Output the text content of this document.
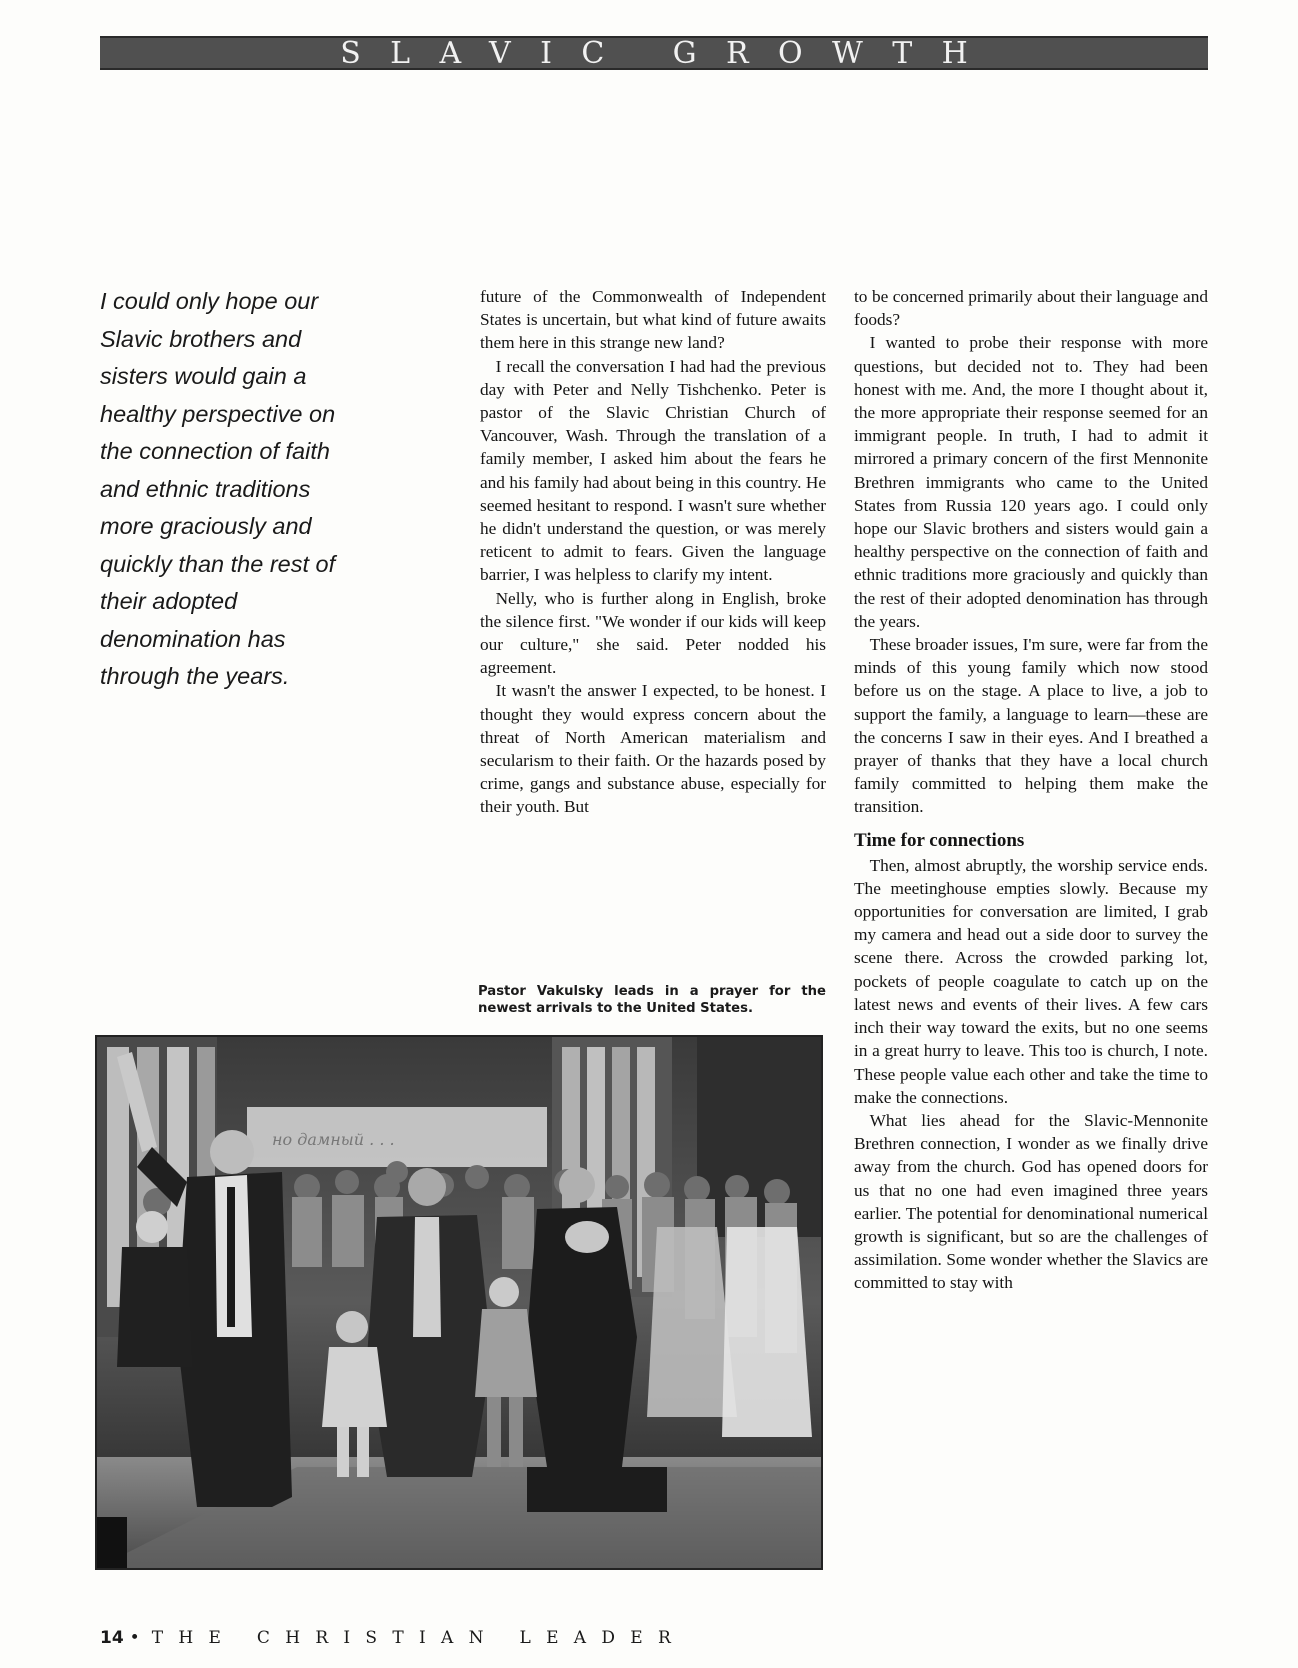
SLAVIC GROWTH

I could only hope our Slavic brothers and sisters would gain a healthy perspective on the connection of faith and ethnic traditions more graciously and quickly than the rest of their adopted denomination has through the years.

future of the Commonwealth of Independent States is uncertain, but what kind of future awaits them here in this strange new land?

I recall the conversation I had had the previous day with Peter and Nelly Tishchenko. Peter is pastor of the Slavic Christian Church of Vancouver, Wash. Through the translation of a family member, I asked him about the fears he and his family had about being in this country. He seemed hesitant to respond. I wasn't sure whether he didn't understand the question, or was merely reticent to admit to fears. Given the language barrier, I was helpless to clarify my intent.

Nelly, who is further along in English, broke the silence first. "We wonder if our kids will keep our culture," she said. Peter nodded his agreement.

It wasn't the answer I expected, to be honest. I thought they would express concern about the threat of North American materialism and secularism to their faith. Or the hazards posed by crime, gangs and substance abuse, especially for their youth. But

Pastor Vakulsky leads in a prayer for the newest arrivals to the United States.

но дамный . . .

to be concerned primarily about their language and foods?

I wanted to probe their response with more questions, but decided not to. They had been honest with me. And, the more I thought about it, the more appropriate their response seemed for an immigrant people. In truth, I had to admit it mirrored a primary concern of the first Mennonite Brethren immigrants who came to the United States from Russia 120 years ago. I could only hope our Slavic brothers and sisters would gain a healthy perspective on the connection of faith and ethnic traditions more graciously and quickly than the rest of their adopted denomination has through the years.

These broader issues, I'm sure, were far from the minds of this young family which now stood before us on the stage. A place to live, a job to support the family, a language to learn—these are the concerns I saw in their eyes. And I breathed a prayer of thanks that they have a local church family committed to helping them make the transition.

Time for connections

Then, almost abruptly, the worship service ends. The meetinghouse empties slowly. Because my opportunities for conversation are limited, I grab my camera and head out a side door to survey the scene there. Across the crowded parking lot, pockets of people coagulate to catch up on the latest news and events of their lives. A few cars inch their way toward the exits, but no one seems in a great hurry to leave. This too is church, I note. These people value each other and take the time to make the connections.

What lies ahead for the Slavic-Mennonite Brethren connection, I wonder as we finally drive away from the church. God has opened doors for us that no one had even imagined three years earlier. The potential for denominational numerical growth is significant, but so are the challenges of assimilation. Some wonder whether the Slavics are committed to stay with

14 • THE CHRISTIAN LEADER
